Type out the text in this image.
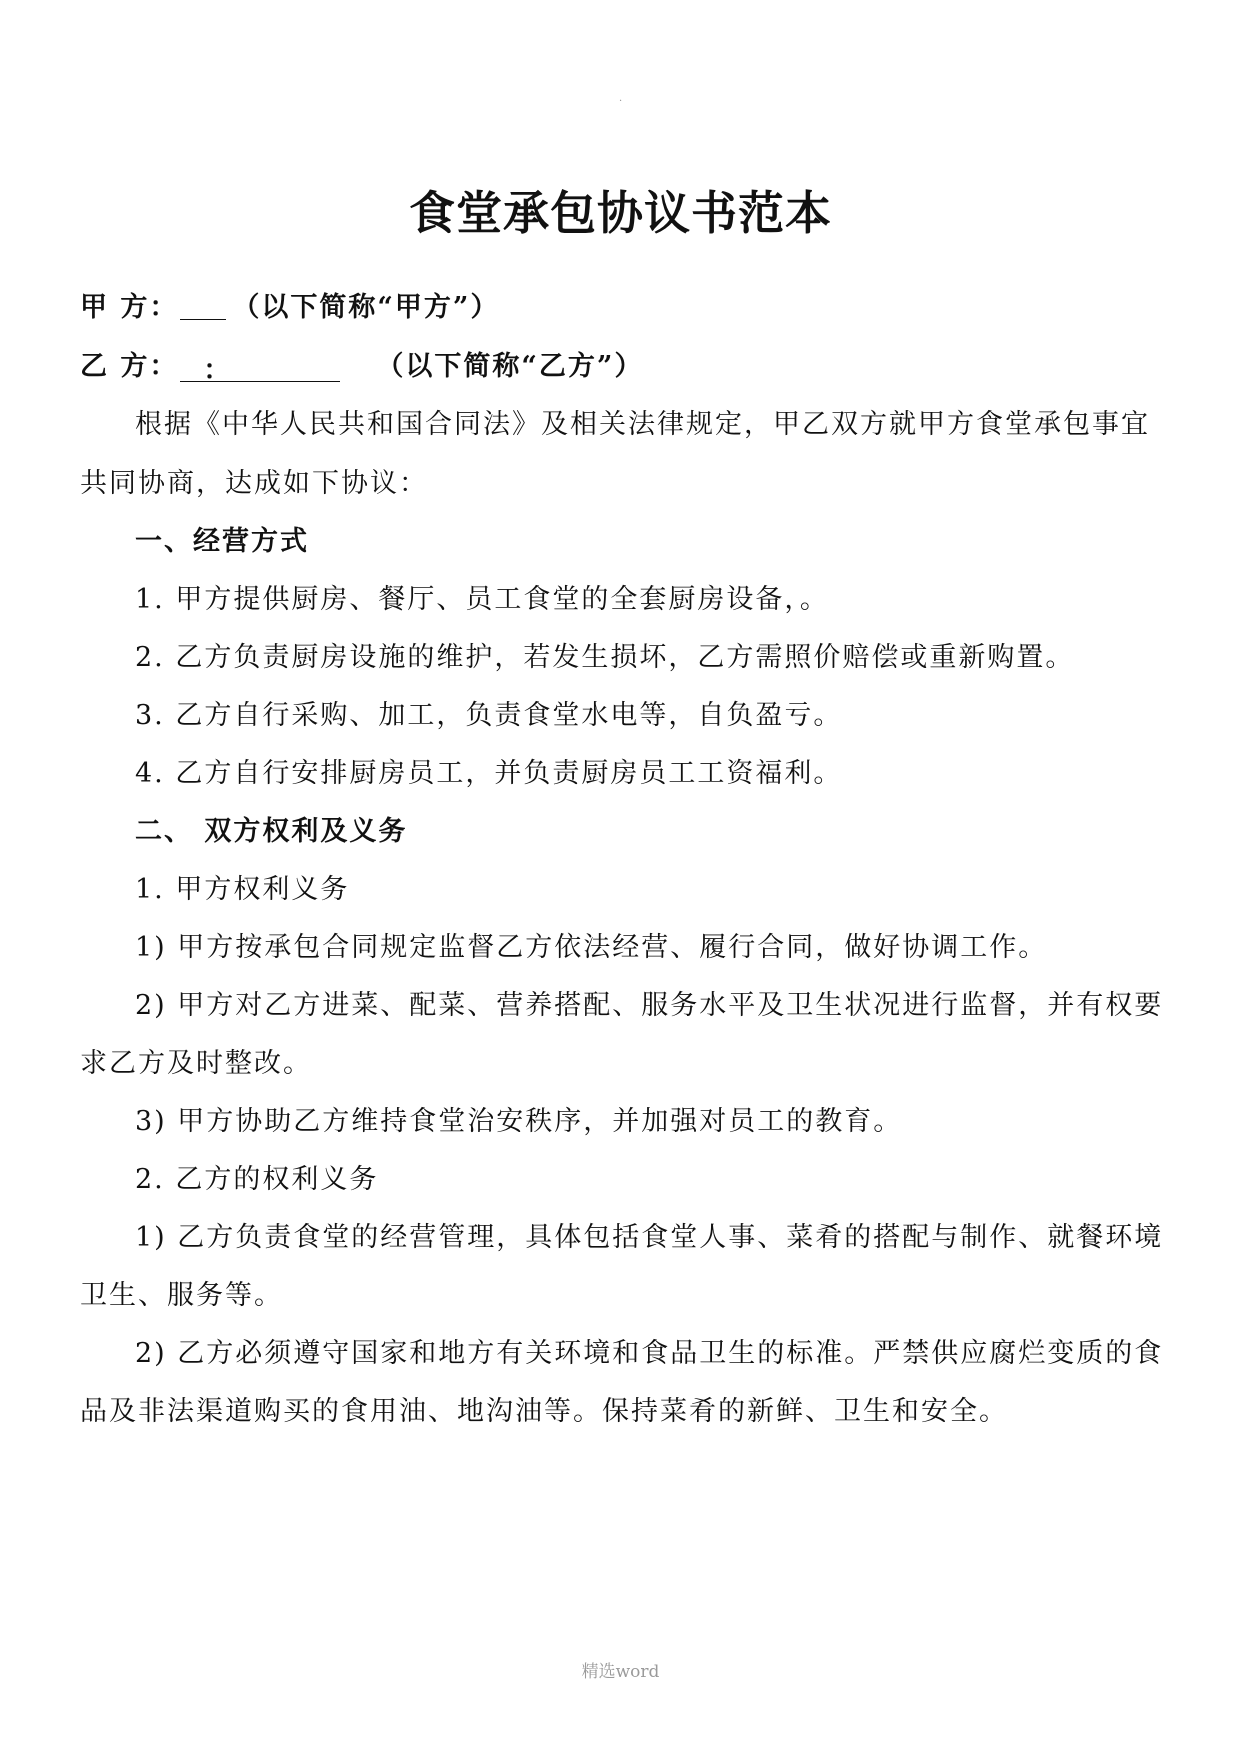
·
食堂承包协议书范本
甲 方： （以下简称“甲方”）
乙 方： ：	（以下简称“乙方”）
根据《中华人民共和国合同法》及相关法律规定，甲乙双方就甲方食堂承包事宜
共同协商，达成如下协议：
一、经营方式
1. 甲方提供厨房、餐厅、员工食堂的全套厨房设备，。
2. 乙方负责厨房设施的维护，若发生损坏，乙方需照价赔偿或重新购置。
3. 乙方自行采购、加工，负责食堂水电等，自负盈亏。
4. 乙方自行安排厨房员工，并负责厨房员工工资福利。
二、 双方权利及义务
1. 甲方权利义务
1) 甲方按承包合同规定监督乙方依法经营、履行合同，做好协调工作。
2) 甲方对乙方进菜、配菜、营养搭配、服务水平及卫生状况进行监督，并有权要
求乙方及时整改。
3) 甲方协助乙方维持食堂治安秩序，并加强对员工的教育。
2. 乙方的权利义务
1) 乙方负责食堂的经营管理，具体包括食堂人事、菜肴的搭配与制作、就餐环境
卫生、服务等。
2) 乙方必须遵守国家和地方有关环境和食品卫生的标准。严禁供应腐烂变质的食
品及非法渠道购买的食用油、地沟油等。保持菜肴的新鲜、卫生和安全。
精选word
